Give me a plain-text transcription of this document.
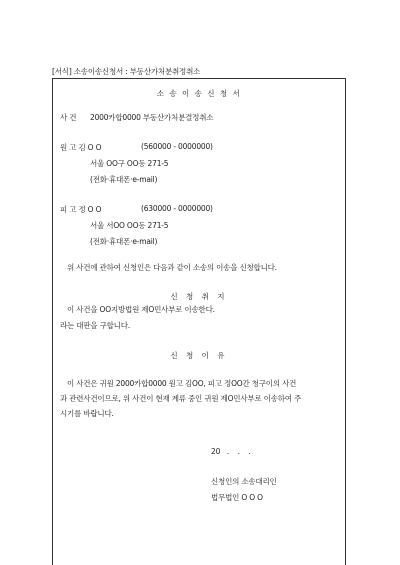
[서식] 소송이송신청서 : 부동산가처분취정취소
소 송 이 송 신 청 서
사 건 2000카합0000 부동산가처분결정취소
원 고 김 O O	(560000 - 0000000)
서울 OO구 OO동 271-5
(전화·휴대폰·e-mail)
피 고 정 O O	(630000 - 0000000)
서울 서OO OO동 271-5
(전화·휴대폰·e-mail)
위 사건에 관하여 신청인은 다음과 같이 소송의 이송을 신청합니다.
신 청 취 지
이 사건을 OO지방법원 제O민사부로 이송한다.
라는 대판을 구합니다.
신 청 이 유
이 사건은 귀원 2000카합0000 원고 김OO, 피고 정OO간 청구이의 사건
과 관련사건이므로, 위 사건이 현재 계류 중인 귀원 제O민사부로 이송하여 주
시기를 바랍니다.
20   .    .    .
신청인의 소송대리인
법무법인 O O O
